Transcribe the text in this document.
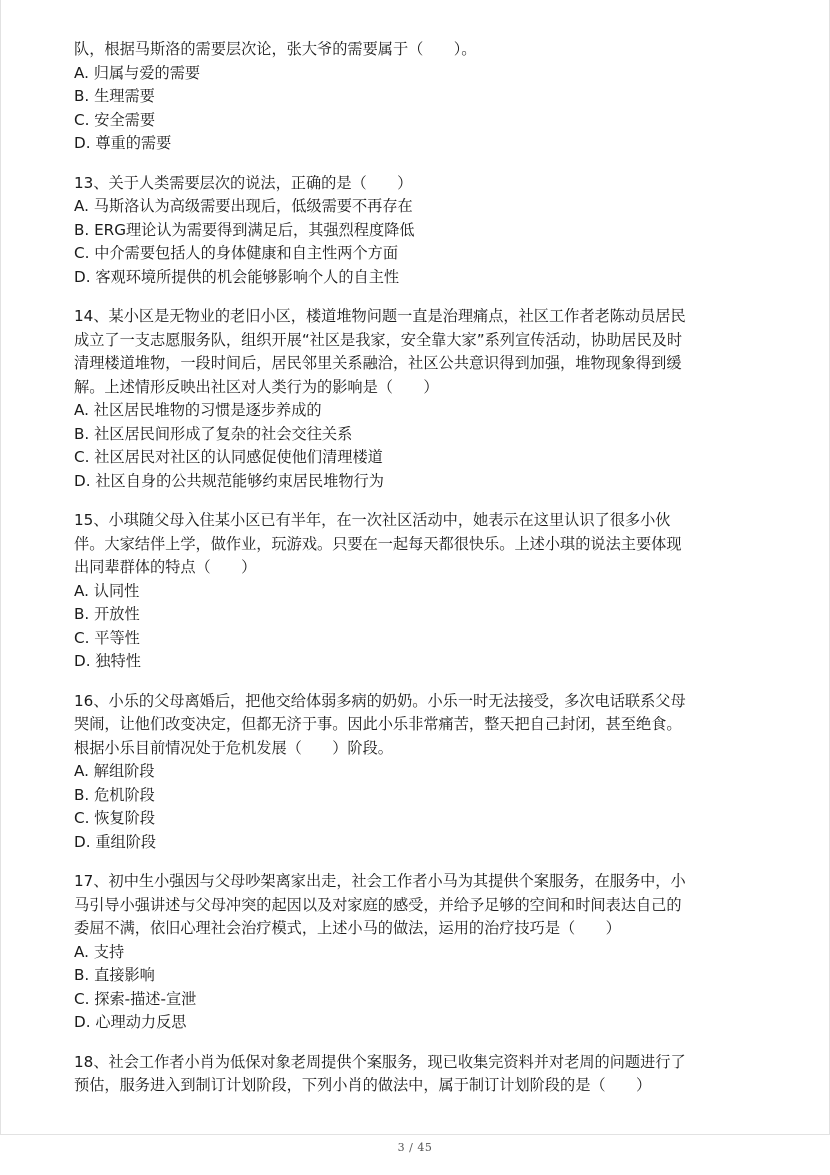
队，根据马斯洛的需要层次论，张大爷的需要属于（　　）。

A. 归属与爱的需要

B. 生理需要

C. 安全需要

D. 尊重的需要

13、关于人类需要层次的说法，正确的是（　　）

A. 马斯洛认为高级需要出现后，低级需要不再存在

B. ERG理论认为需要得到满足后，其强烈程度降低

C. 中介需要包括人的身体健康和自主性两个方面

D. 客观环境所提供的机会能够影响个人的自主性

14、某小区是无物业的老旧小区，楼道堆物问题一直是治理痛点，社区工作者老陈动员居民

成立了一支志愿服务队，组织开展“社区是我家，安全靠大家”系列宣传活动，协助居民及时

清理楼道堆物，一段时间后，居民邻里关系融洽，社区公共意识得到加强，堆物现象得到缓

解。上述情形反映出社区对人类行为的影响是（　　）

A. 社区居民堆物的习惯是逐步养成的

B. 社区居民间形成了复杂的社会交往关系

C. 社区居民对社区的认同感促使他们清理楼道

D. 社区自身的公共规范能够约束居民堆物行为

15、小琪随父母入住某小区已有半年，在一次社区活动中，她表示在这里认识了很多小伙

伴。大家结伴上学，做作业，玩游戏。只要在一起每天都很快乐。上述小琪的说法主要体现

出同辈群体的特点（　　）

A. 认同性

B. 开放性

C. 平等性

D. 独特性

16、小乐的父母离婚后，把他交给体弱多病的奶奶。小乐一时无法接受，多次电话联系父母

哭闹，让他们改变决定，但都无济于事。因此小乐非常痛苦，整天把自己封闭，甚至绝食。

根据小乐目前情况处于危机发展（　　）阶段。

A. 解组阶段

B. 危机阶段

C. 恢复阶段

D. 重组阶段

17、初中生小强因与父母吵架离家出走，社会工作者小马为其提供个案服务，在服务中，小

马引导小强讲述与父母冲突的起因以及对家庭的感受，并给予足够的空间和时间表达自己的

委屈不满，依旧心理社会治疗模式，上述小马的做法，运用的治疗技巧是（　　）

A. 支持

B. 直接影响

C. 探索-描述-宣泄

D. 心理动力反思

18、社会工作者小肖为低保对象老周提供个案服务，现已收集完资料并对老周的问题进行了

预估，服务进入到制订计划阶段，下列小肖的做法中，属于制订计划阶段的是（　　）

3 / 45
